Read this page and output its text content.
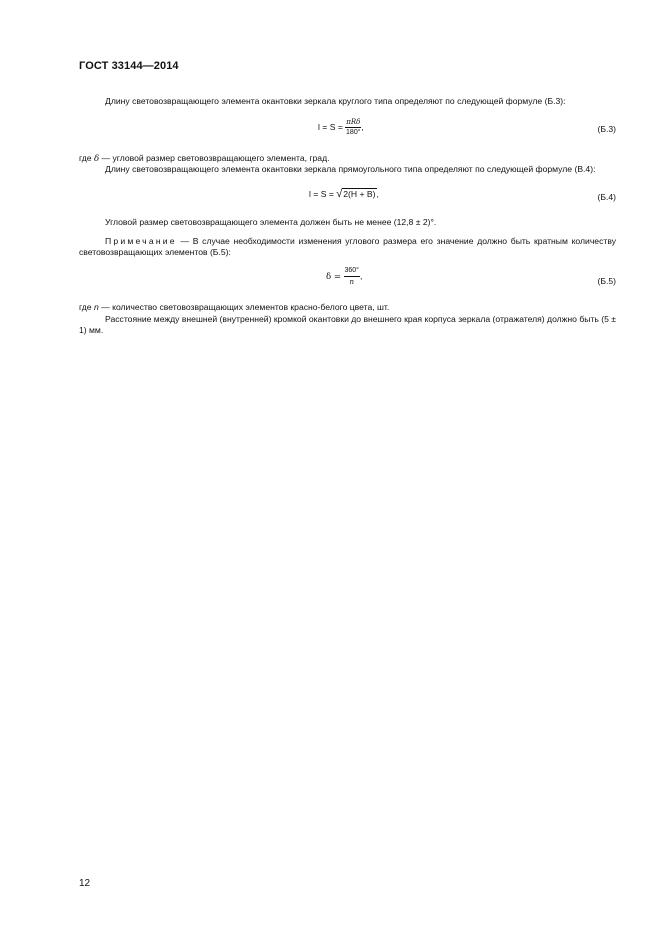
ГОСТ 33144—2014
Длину световозвращающего элемента окантовки зеркала круглого типа определяют по следующей формуле (Б.3):
$l = S = \frac{\text{πRδ}}{180^\circ}$ ,	(Б.3)
где δ — угловой размер световозвращающего элемента, град.
Длину световозвращающего элемента окантовки зеркала прямоугольного типа определяют по следующей формуле (В.4):
l = S = √2(H + B),	(Б.4)
Угловой размер световозвращающего элемента должен быть не менее (12,8 ± 2)°.
Примечание — В случае необходимости изменения углового размера его значение должно быть кратным количеству световозвращающих элементов (Б.5):
$\delta = \frac{360^\circ}{n}$ ,
(Б.5)
где n — количество световозвращающих элементов красно-белого цвета, шт.
Расстояние между внешней (внутренней) кромкой окантовки до внешнего края корпуса зеркала (отражателя) должно быть (5 ± 1) мм.
12
